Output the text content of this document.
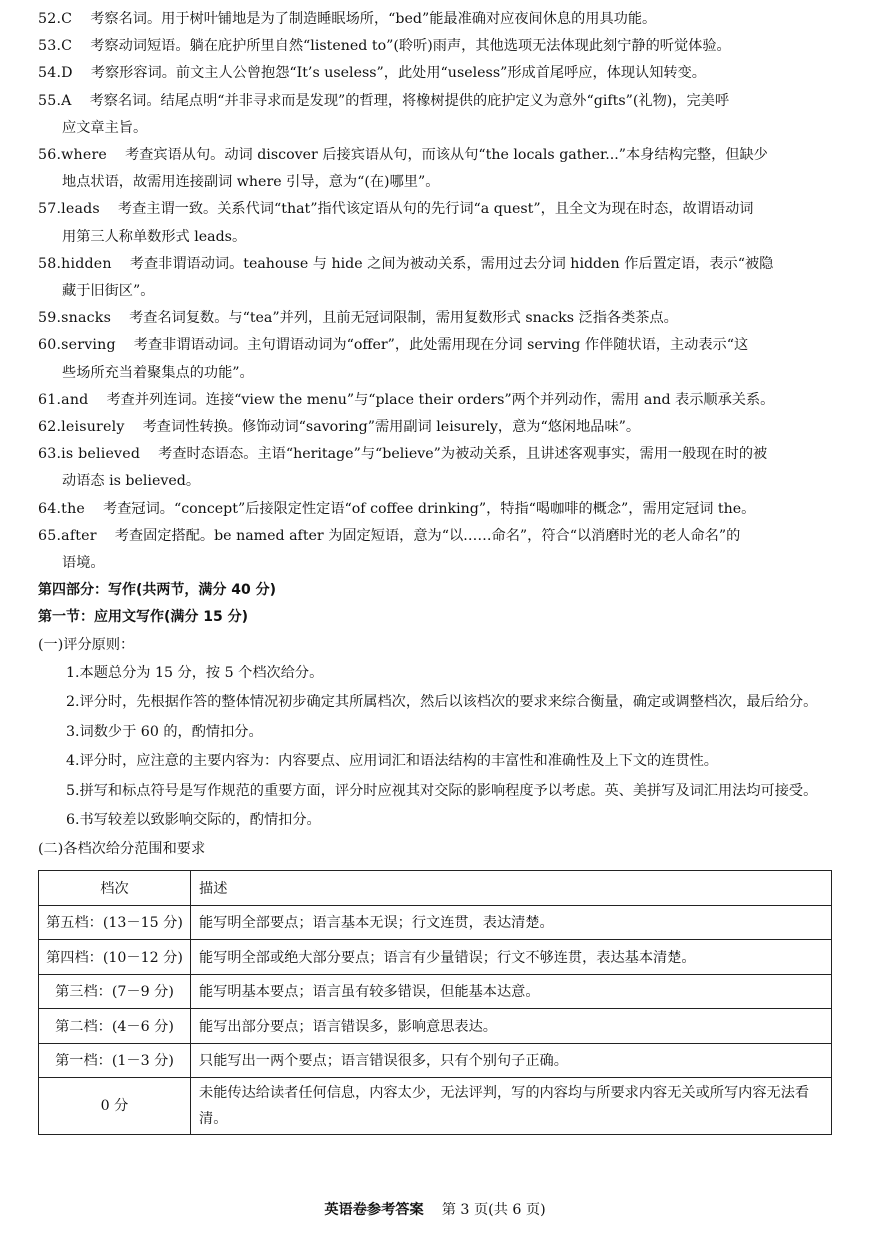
52.C 考察名词。用于树叶铺地是为了制造睡眠场所，“bed”能最准确对应夜间休息的用具功能。
53.C 考察动词短语。躺在庇护所里自然“listened to”(聆听)雨声，其他选项无法体现此刻宁静的听觉体验。
54.D 考察形容词。前文主人公曾抱怨“It’s useless”，此处用“useless”形成首尾呼应，体现认知转变。
55.A 考察名词。结尾点明“并非寻求而是发现”的哲理，将橡树提供的庇护定义为意外“gifts”(礼物)，完美呼
应文章主旨。
56.where 考查宾语从句。动词 discover 后接宾语从句，而该从句“the locals gather...”本身结构完整，但缺少
地点状语，故需用连接副词 where 引导，意为“(在)哪里”。
57.leads 考查主谓一致。关系代词“that”指代该定语从句的先行词“a quest”，且全文为现在时态，故谓语动词
用第三人称单数形式 leads。
58.hidden 考查非谓语动词。teahouse 与 hide 之间为被动关系，需用过去分词 hidden 作后置定语，表示“被隐
藏于旧街区”。
59.snacks 考查名词复数。与“tea”并列，且前无冠词限制，需用复数形式 snacks 泛指各类茶点。
60.serving 考查非谓语动词。主句谓语动词为“offer”，此处需用现在分词 serving 作伴随状语，主动表示“这
些场所充当着聚集点的功能”。
61.and 考查并列连词。连接“view the menu”与“place their orders”两个并列动作，需用 and 表示顺承关系。
62.leisurely 考查词性转换。修饰动词“savoring”需用副词 leisurely，意为“悠闲地品味”。
63.is believed 考查时态语态。主语“heritage”与“believe”为被动关系，且讲述客观事实，需用一般现在时的被
动语态 is believed。
64.the 考查冠词。“concept”后接限定性定语“of coffee drinking”，特指“喝咖啡的概念”，需用定冠词 the。
65.after 考查固定搭配。be named after 为固定短语，意为“以……命名”，符合“以消磨时光的老人命名”的
语境。
第四部分：写作(共两节，满分 40 分)
第一节：应用文写作(满分 15 分)
(一)评分原则：
1.本题总分为 15 分，按 5 个档次给分。
2.评分时，先根据作答的整体情况初步确定其所属档次，然后以该档次的要求来综合衡量，确定或调整档次，最后给分。
3.词数少于 60 的，酌情扣分。
4.评分时，应注意的主要内容为：内容要点、应用词汇和语法结构的丰富性和准确性及上下文的连贯性。
5.拼写和标点符号是写作规范的重要方面，评分时应视其对交际的影响程度予以考虑。英、美拼写及词汇用法均可接受。
6.书写较差以致影响交际的，酌情扣分。
(二)各档次给分范围和要求
档次	描述
第五档：(13－15 分)	能写明全部要点；语言基本无误；行文连贯，表达清楚。
第四档：(10－12 分)	能写明全部或绝大部分要点；语言有少量错误；行文不够连贯，表达基本清楚。
第三档：(7－9 分)	能写明基本要点；语言虽有较多错误，但能基本达意。
第二档：(4－6 分)	能写出部分要点；语言错误多，影响意思表达。
第一档：(1－3 分)	只能写出一两个要点；语言错误很多，只有个别句子正确。
0 分	未能传达给读者任何信息，内容太少，无法评判，写的内容均与所要求内容无关或所写内容无法看清。
英语卷参考答案 第 3 页(共 6 页)
